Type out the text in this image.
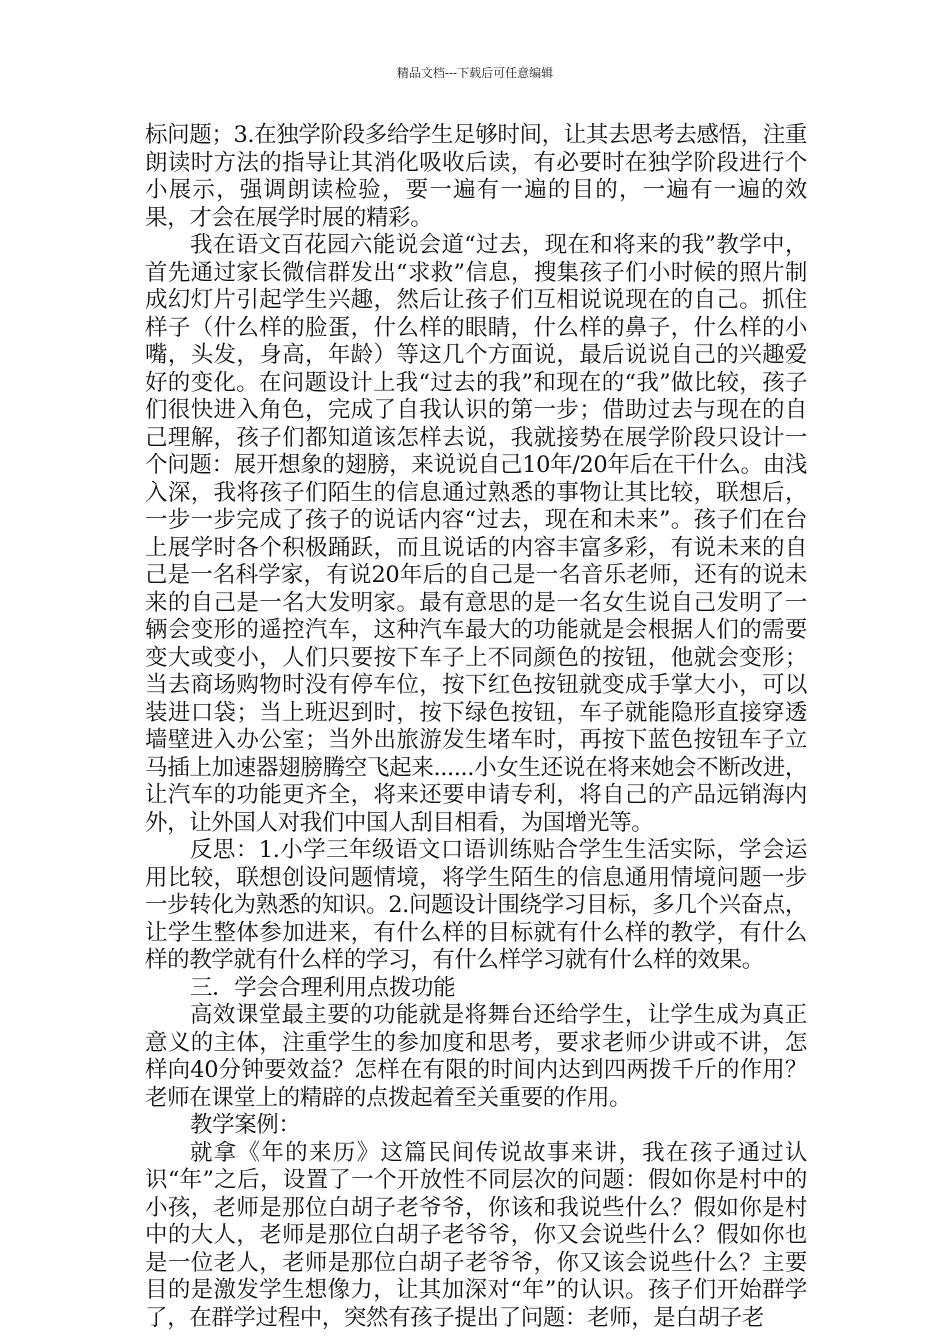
精品文档---下载后可任意编辑

标问题；3.在独学阶段多给学生足够时间，让其去思考去感悟，注重朗读时方法的指导让其消化吸收后读，有必要时在独学阶段进行个小展示，强调朗读检验，要一遍有一遍的目的，一遍有一遍的效果，才会在展学时展的精彩。

我在语文百花园六能说会道“过去，现在和将来的我”教学中，首先通过家长微信群发出“求救”信息，搜集孩子们小时候的照片制成幻灯片引起学生兴趣，然后让孩子们互相说说现在的自己。抓住样子（什么样的脸蛋，什么样的眼睛，什么样的鼻子，什么样的小嘴，头发，身高，年龄）等这几个方面说，最后说说自己的兴趣爱好的变化。在问题设计上我“过去的我”和现在的“我”做比较，孩子们很快进入角色，完成了自我认识的第一步；借助过去与现在的自己理解，孩子们都知道该怎样去说，我就接势在展学阶段只设计一个问题：展开想象的翅膀，来说说自己10年/20年后在干什么。由浅入深，我将孩子们陌生的信息通过熟悉的事物让其比较，联想后，一步一步完成了孩子的说话内容“过去，现在和未来”。孩子们在台上展学时各个积极踊跃，而且说话的内容丰富多彩，有说未来的自己是一名科学家，有说20年后的自己是一名音乐老师，还有的说未来的自己是一名大发明家。最有意思的是一名女生说自己发明了一辆会变形的遥控汽车，这种汽车最大的功能就是会根据人们的需要变大或变小，人们只要按下车子上不同颜色的按钮，他就会变形；当去商场购物时没有停车位，按下红色按钮就变成手掌大小，可以装进口袋；当上班迟到时，按下绿色按钮，车子就能隐形直接穿透墙壁进入办公室；当外出旅游发生堵车时，再按下蓝色按钮车子立马插上加速器翅膀腾空飞起来......小女生还说在将来她会不断改进，让汽车的功能更齐全，将来还要申请专利，将自己的产品远销海内外，让外国人对我们中国人刮目相看，为国增光等。

反思：1.小学三年级语文口语训练贴合学生生活实际，学会运用比较，联想创设问题情境，将学生陌生的信息通用情境问题一步一步转化为熟悉的知识。2.问题设计围绕学习目标，多几个兴奋点，让学生整体参加进来，有什么样的目标就有什么样的教学，有什么样的教学就有什么样的学习，有什么样学习就有什么样的效果。

三．学会合理利用点拨功能

高效课堂最主要的功能就是将舞台还给学生，让学生成为真正意义的主体，注重学生的参加度和思考，要求老师少讲或不讲，怎样向40分钟要效益？怎样在有限的时间内达到四两拨千斤的作用？老师在课堂上的精辟的点拨起着至关重要的作用。

教学案例：

就拿《年的来历》这篇民间传说故事来讲，我在孩子通过认识“年”之后，设置了一个开放性不同层次的问题：假如你是村中的小孩，老师是那位白胡子老爷爷，你该和我说些什么？假如你是村中的大人，老师是那位白胡子老爷爷，你又会说些什么？假如你也是一位老人，老师是那位白胡子老爷爷，你又该会说些什么？主要目的是激发学生想像力，让其加深对“年”的认识。孩子们开始群学了，在群学过程中，突然有孩子提出了问题：老师，是白胡子老
